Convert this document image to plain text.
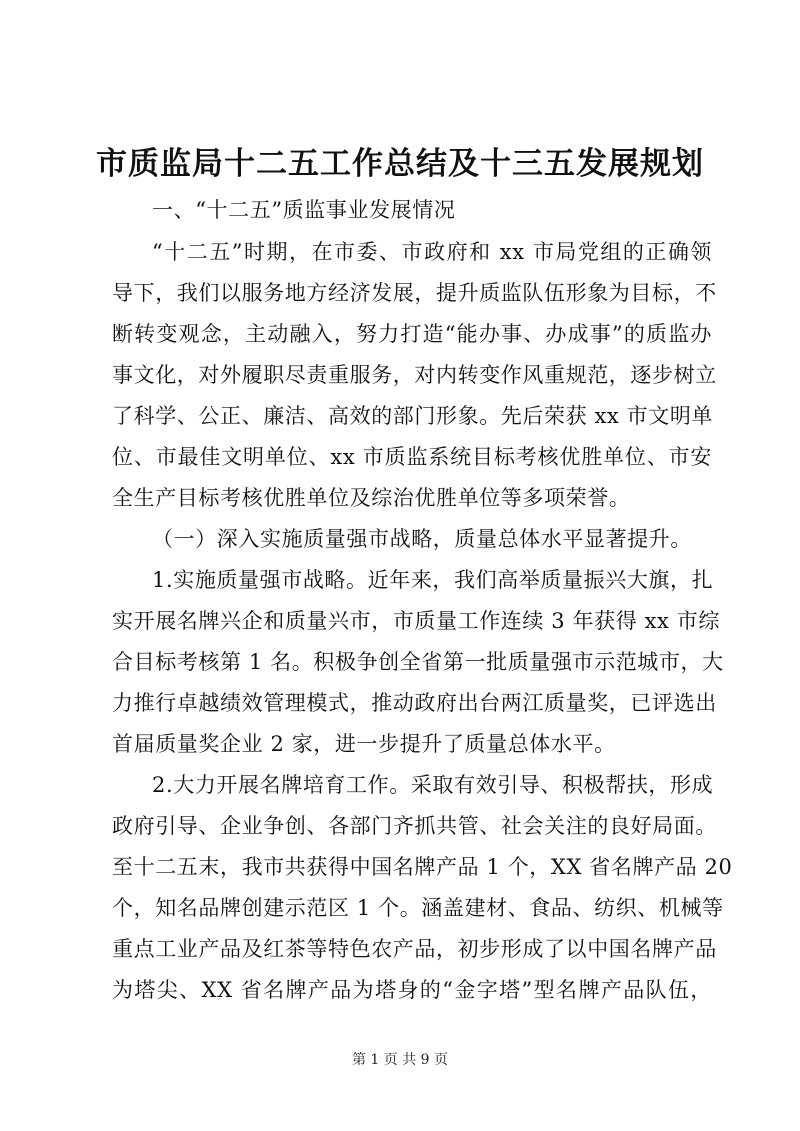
市质监局十二五工作总结及十三五发展规划
一、“十二五”质监事业发展情况
“十二五”时期，在市委、市政府和 xx 市局党组的正确领
导下，我们以服务地方经济发展，提升质监队伍形象为目标，不
断转变观念，主动融入，努力打造“能办事、办成事”的质监办
事文化，对外履职尽责重服务，对内转变作风重规范，逐步树立
了科学、公正、廉洁、高效的部门形象。先后荣获 xx 市文明单
位、市最佳文明单位、xx 市质监系统目标考核优胜单位、市安
全生产目标考核优胜单位及综治优胜单位等多项荣誉。
（一）深入实施质量强市战略，质量总体水平显著提升。
1.实施质量强市战略。近年来，我们高举质量振兴大旗，扎
实开展名牌兴企和质量兴市，市质量工作连续 3 年获得 xx 市综
合目标考核第 1 名。积极争创全省第一批质量强市示范城市，大
力推行卓越绩效管理模式，推动政府出台两江质量奖，已评选出
首届质量奖企业 2 家，进一步提升了质量总体水平。
2.大力开展名牌培育工作。采取有效引导、积极帮扶，形成
政府引导、企业争创、各部门齐抓共管、社会关注的良好局面。
至十二五末，我市共获得中国名牌产品 1 个，XX 省名牌产品 20
个，知名品牌创建示范区 1 个。涵盖建材、食品、纺织、机械等
重点工业产品及红茶等特色农产品，初步形成了以中国名牌产品
为塔尖、XX 省名牌产品为塔身的“金字塔”型名牌产品队伍，
第 1 页 共 9 页
